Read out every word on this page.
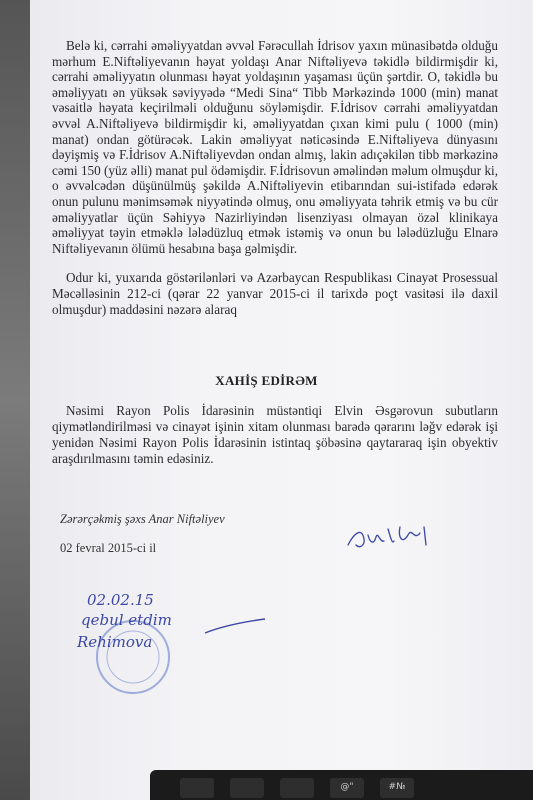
Belə ki, cərrahi əməliyyatdan əvvəl Fərəcullah İdrisov yaxın münasibətdə olduğu mərhum E.Niftəliyevanın həyat yoldaşı Anar Niftəliyevə təkidlə bildirmişdir ki, cərrahi əməliyyatın olunması həyat yoldaşının yaşaması üçün şərtdir. O, təkidlə bu əməliyyatı ən yüksək səviyyədə “Medi Sina“ Tibb Mərkəzində 1000 (min) manat vəsaitlə həyata keçirilməli olduğunu söyləmişdir. F.İdrisov cərrahi əməliyyatdan əvvəl A.Niftəliyevə bildirmişdir ki, əməliyyatdan çıxan kimi pulu ( 1000 (min) manat) ondan götürəcək. Lakin əməliyyat nəticəsində E.Niftəliyeva dünyasını dəyişmiş və F.İdrisov A.Niftəliyevdən ondan almış, lakin adıçəkilən tibb mərkəzinə cəmi 150 (yüz əlli) manat pul ödəmişdir. F.İdrisovun əməlindən məlum olmuşdur ki, o əvvəlcədən düşünülmüş şəkildə A.Niftəliyevin etibarından sui-istifadə edərək onun pulunu mənimsəmək niyyətində olmuş, onu əməliyyata təhrik etmiş və bu cür əməliyyatlar üçün Səhiyyə Nazirliyindən lisenziyası olmayan özəl klinikaya əməliyyat təyin etməklə lələdüzluq etmək istəmiş və onun bu lələdüzluğu Elnarə Niftəliyevanın ölümü hesabına başa gəlmişdir.

Odur ki, yuxarıda göstərilənləri və Azərbaycan Respublikası Cinayət Prosessual Məcəlləsinin 212-ci (qərar 22 yanvar 2015-ci il tarixdə poçt vasitəsi ilə daxil olmuşdur) maddəsini nəzərə alaraq

XAHİŞ EDİRƏM

Nəsimi Rayon Polis İdarəsinin müstəntiqi Elvin Əsgərovun subutların qiymətləndirilməsi və cinayət işinin xitam olunması barədə qərarını ləğv edərək işi yenidən Nəsimi Rayon Polis İdarəsinin istintaq şöbəsinə qaytararaq işin obyektiv araşdırılmasını təmin edəsiniz.

Zərərçəkmiş şəxs Anar Niftəliyev
02 fevral 2015-ci il
02.02.15
qebul etdim
Rehimova
@"	#№
